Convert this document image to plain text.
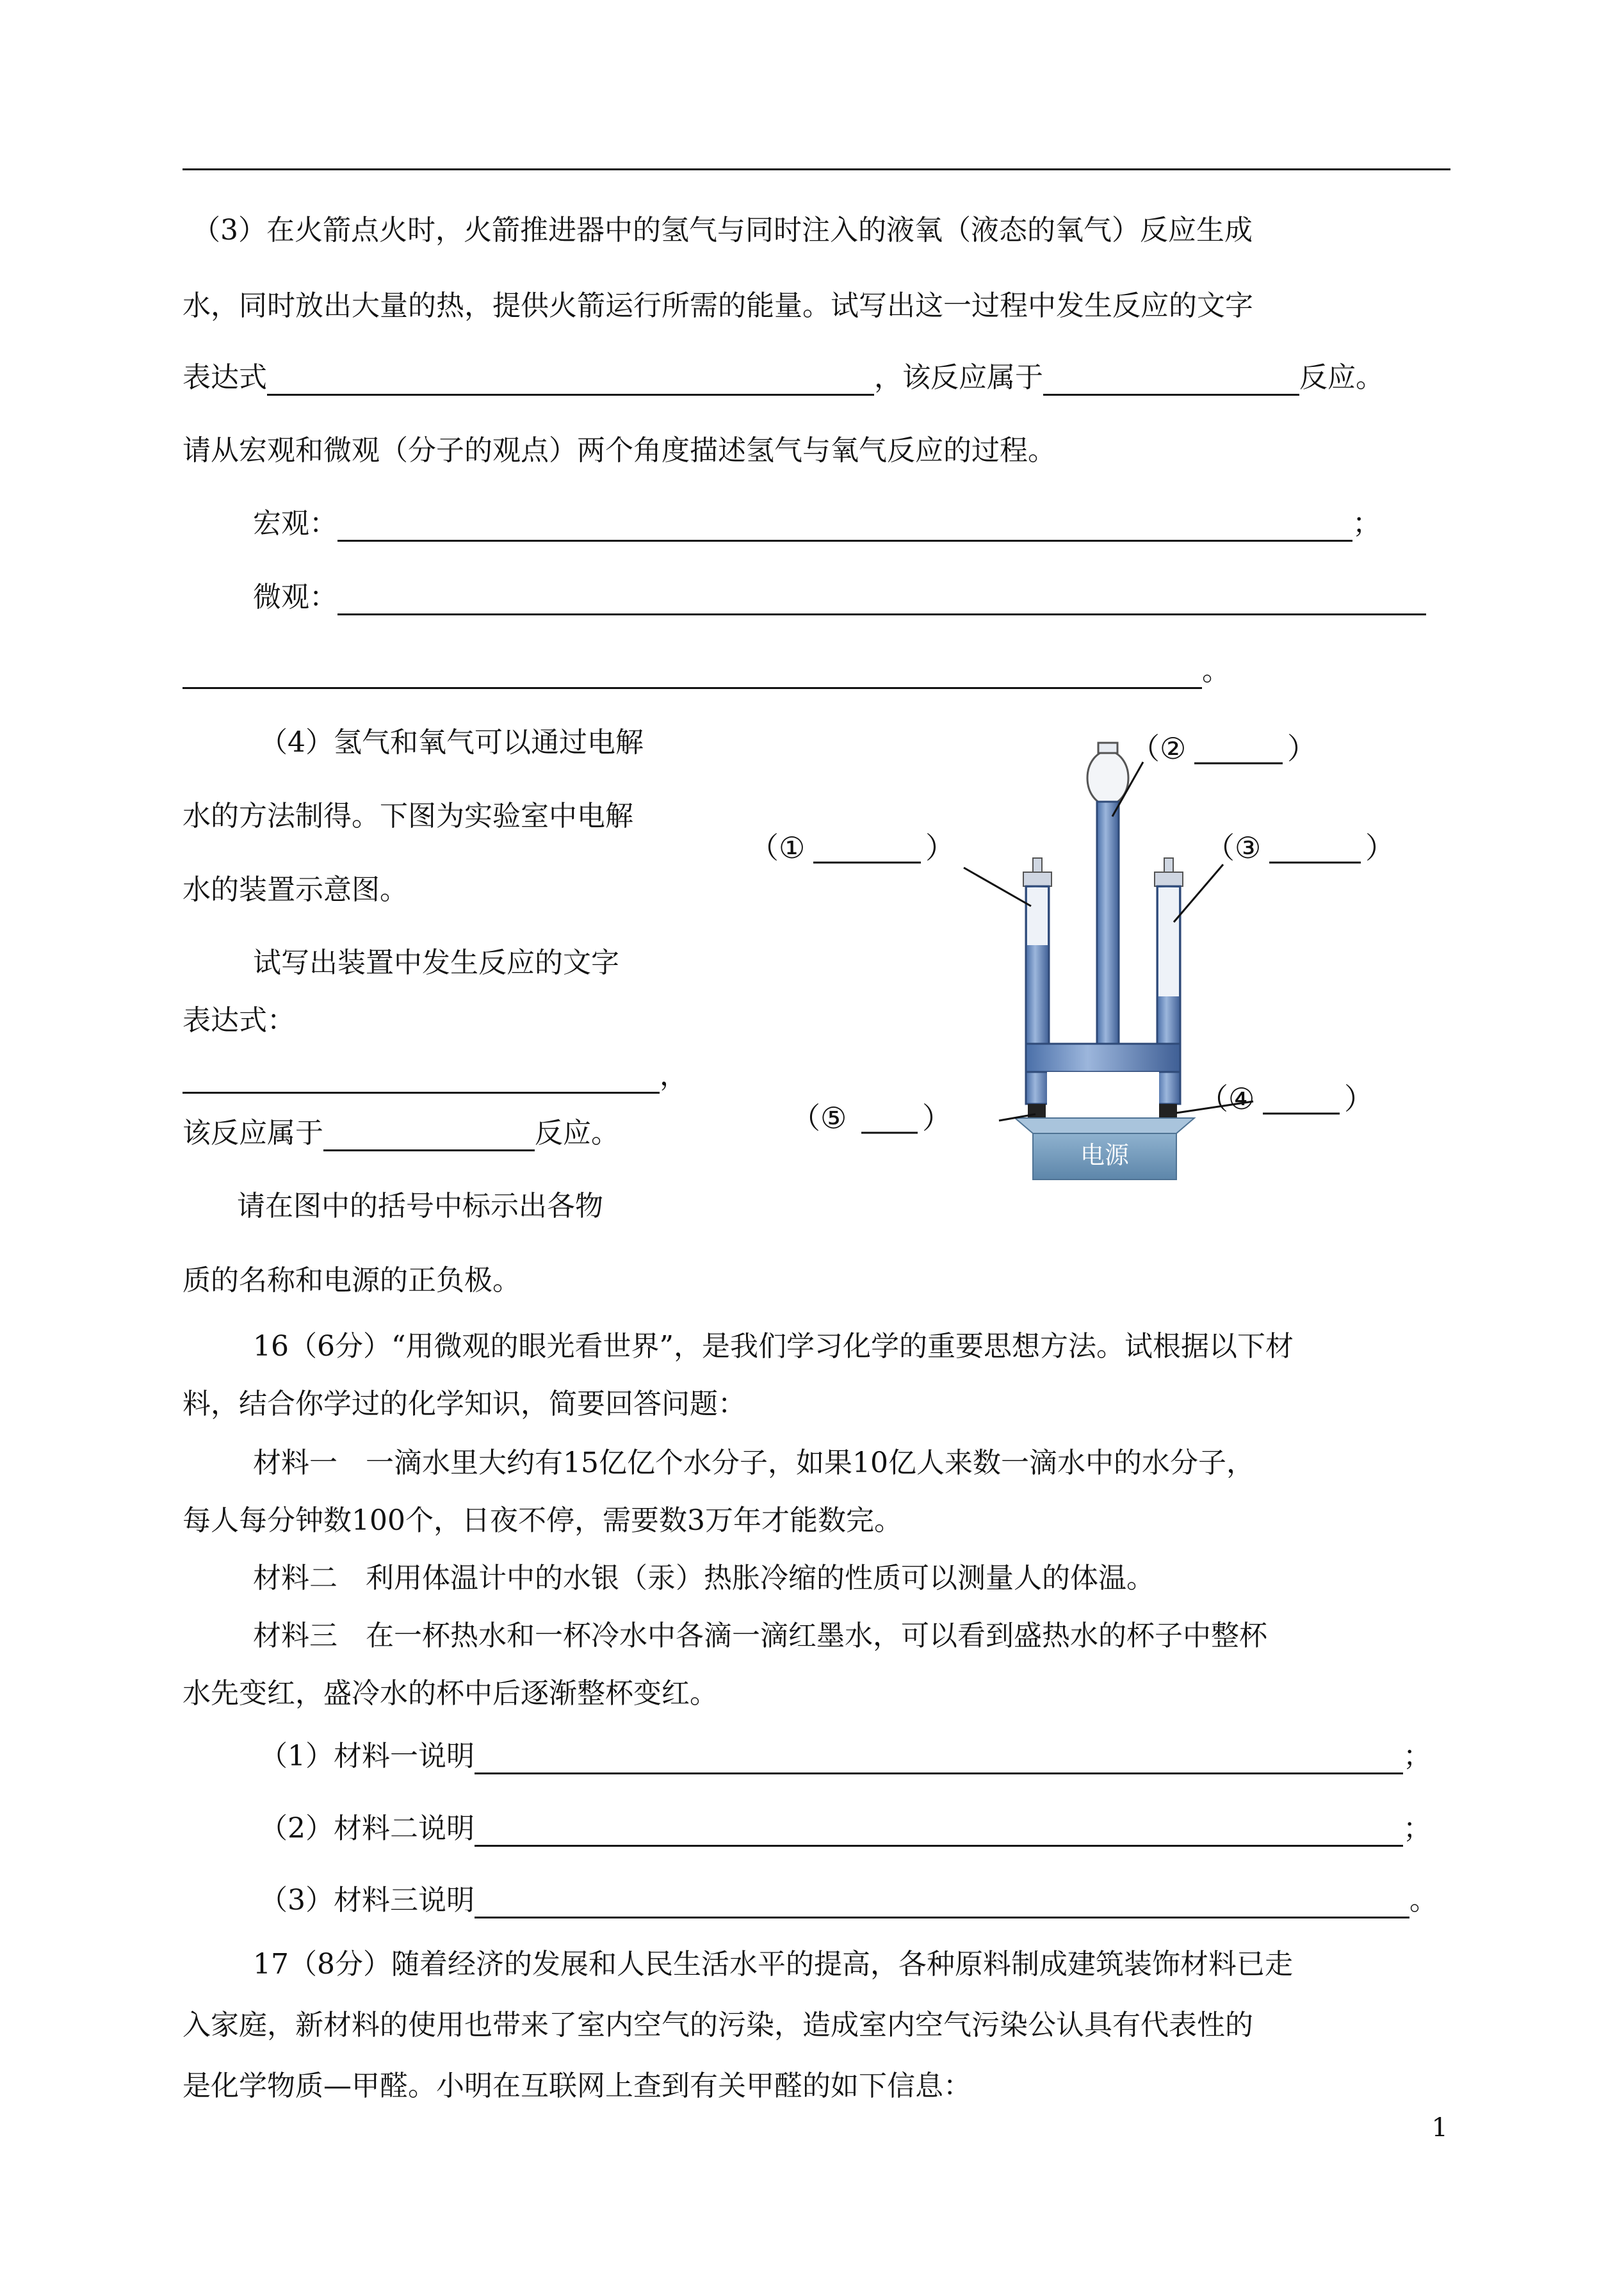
（3）在火箭点火时，火箭推进器中的氢气与同时注入的液氧（液态的氧气）反应生成
水，同时放出大量的热，提供火箭运行所需的能量。试写出这一过程中发生反应的文字
表达式	，该反应属于	反应。
请从宏观和微观（分子的观点）两个角度描述氢气与氧气反应的过程。
宏观：	；
微观：
。
（4）氢气和氧气可以通过电解
水的方法制得。下图为实验室中电解
水的装置示意图。
试写出装置中发生反应的文字
表达式：
，
该反应属于	反应。
请在图中的括号中标示出各物
质的名称和电源的正负极。
电源
（②	）
（①	）	（③	）
（④	）
（⑤	）
16（6分）“用微观的眼光看世界”，是我们学习化学的重要思想方法。试根据以下材
料，结合你学过的化学知识，简要回答问题：
材料一　一滴水里大约有15亿亿个水分子，如果10亿人来数一滴水中的水分子，
每人每分钟数100个，日夜不停，需要数3万年才能数完。
材料二　利用体温计中的水银（汞）热胀冷缩的性质可以测量人的体温。
材料三　在一杯热水和一杯冷水中各滴一滴红墨水，可以看到盛热水的杯子中整杯
水先变红，盛冷水的杯中后逐渐整杯变红。
（1）材料一说明	；
（2）材料二说明	；
（3）材料三说明	。
17（8分）随着经济的发展和人民生活水平的提高，各种原料制成建筑装饰材料已走
入家庭，新材料的使用也带来了室内空气的污染，造成室内空气污染公认具有代表性的
是化学物质—甲醛。小明在互联网上查到有关甲醛的如下信息：
1
